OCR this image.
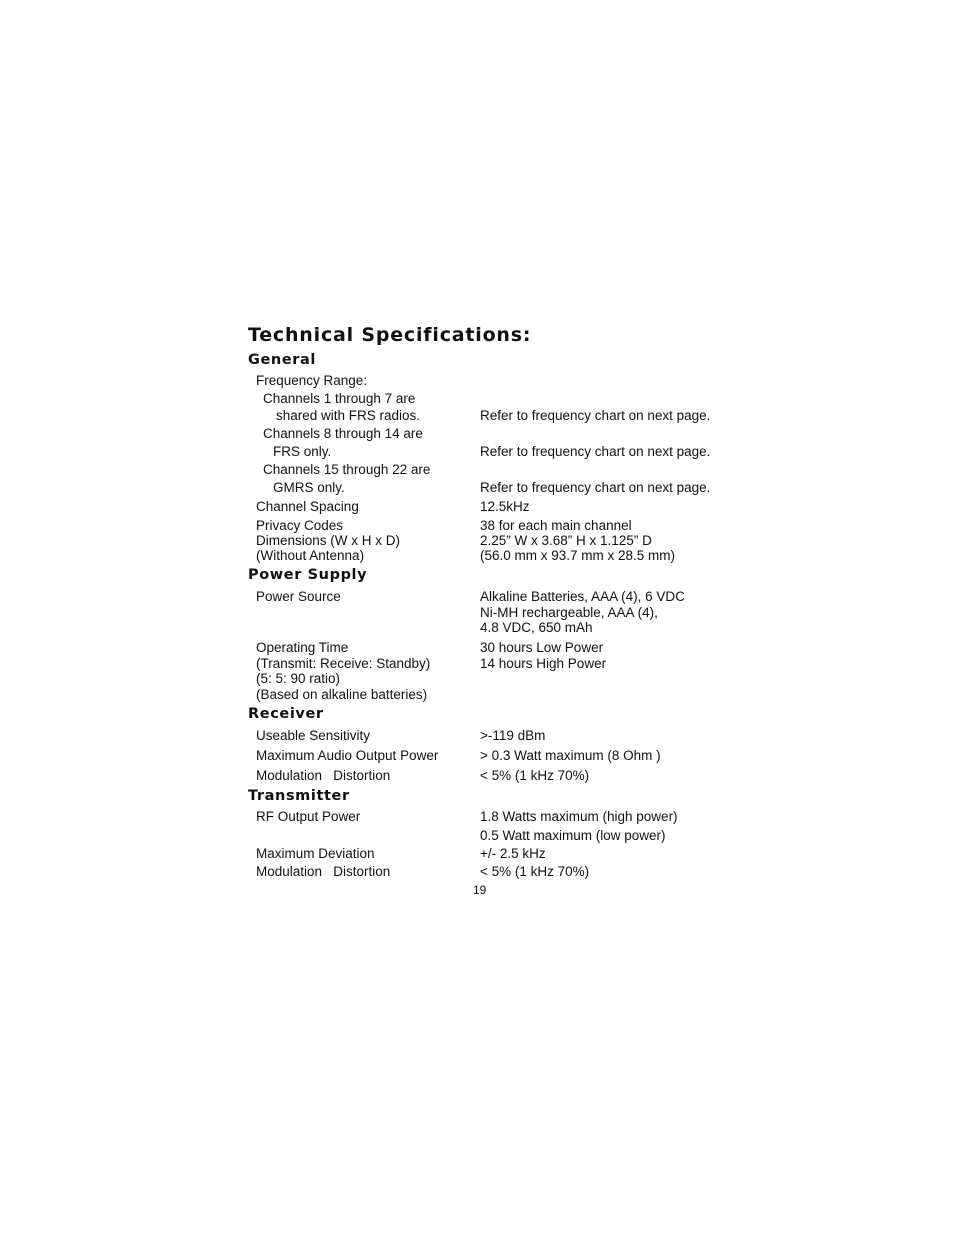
Technical Specifications:
General
Frequency Range:
Channels 1 through 7 are
shared with FRS radios.	Refer to frequency chart on next page.
Channels 8 through 14 are
FRS only.	Refer to frequency chart on next page.
Channels 15 through 22 are
GMRS only.	Refer to frequency chart on next page.
Channel Spacing	12.5kHz
Privacy Codes	38 for each main channel
Dimensions (W x H x D)	2.25” W x 3.68” H x 1.125” D
(Without Antenna)	(56.0 mm x 93.7 mm x 28.5 mm)
Power Supply
Power Source	Alkaline Batteries, AAA (4), 6 VDC
Ni-MH rechargeable, AAA (4),
4.8 VDC, 650 mAh
Operating Time	30 hours Low Power
(Transmit: Receive: Standby)	14 hours High Power
(5: 5: 90 ratio)
(Based on alkaline batteries)
Receiver
Useable Sensitivity	>-119 dBm
Maximum Audio Output Power	> 0.3 Watt maximum (8 Ohm )
Modulation   Distortion	< 5% (1 kHz 70%)
Transmitter
RF Output Power	1.8 Watts maximum (high power)
0.5 Watt maximum (low power)
Maximum Deviation	+/- 2.5 kHz
Modulation   Distortion	< 5% (1 kHz 70%)
19
